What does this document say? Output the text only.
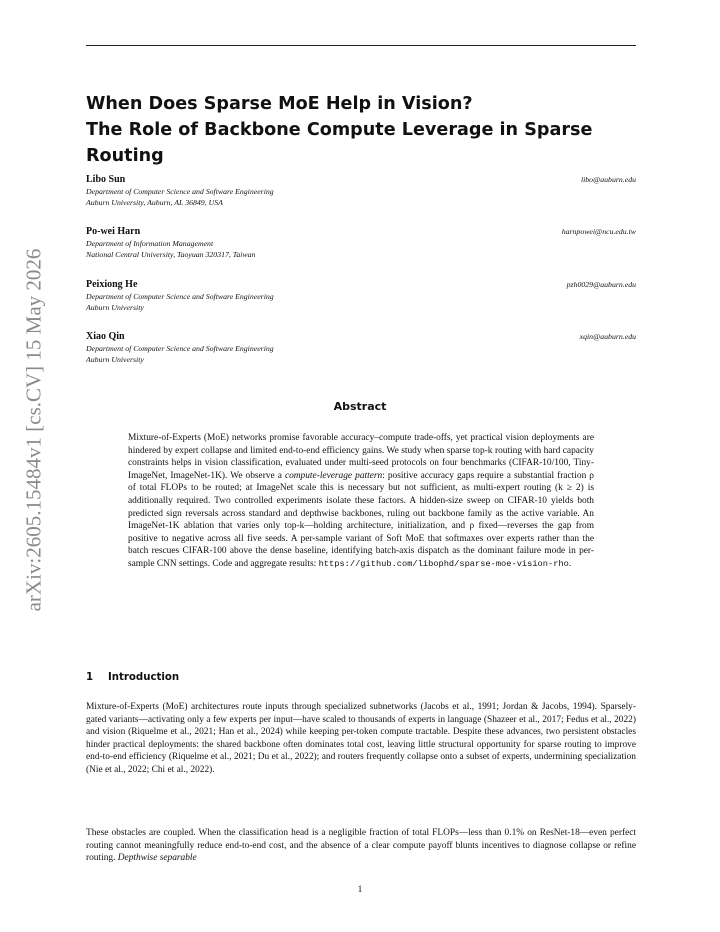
arXiv:2605.15484v1 [cs.CV] 15 May 2026
When Does Sparse MoE Help in Vision?
The Role of Backbone Compute Leverage in Sparse Routing
Libo Sun	libo@auburn.edu
Department of Computer Science and Software Engineering
Auburn University, Auburn, AL 36849, USA
Po-wei Harn	harnpowei@ncu.edu.tw
Department of Information Management
National Central University, Taoyuan 320317, Taiwan
Peixiong He	pzh0029@auburn.edu
Department of Computer Science and Software Engineering
Auburn University
Xiao Qin	xqin@auburn.edu
Department of Computer Science and Software Engineering
Auburn University
Abstract
Mixture-of-Experts (MoE) networks promise favorable accuracy–compute trade-offs, yet practical vision deployments are hindered by expert collapse and limited end-to-end efficiency gains. We study when sparse top-k routing with hard capacity constraints helps in vision classification, evaluated under multi-seed protocols on four benchmarks (CIFAR-10/100, Tiny-ImageNet, ImageNet-1K). We observe a compute-leverage pattern: positive accuracy gaps require a substantial fraction ρ of total FLOPs to be routed; at ImageNet scale this is necessary but not sufficient, as multi-expert routing (k ≥ 2) is additionally required. Two controlled experiments isolate these factors. A hidden-size sweep on CIFAR-10 yields both predicted sign reversals across standard and depthwise backbones, ruling out backbone family as the active variable. An ImageNet-1K ablation that varies only top-k—holding architecture, initialization, and ρ fixed—reverses the gap from positive to negative across all five seeds. A per-sample variant of Soft MoE that softmaxes over experts rather than the batch rescues CIFAR-100 above the dense baseline, identifying batch-axis dispatch as the dominant failure mode in per-sample CNN settings. Code and aggregate results: https://github.com/libophd/sparse-moe-vision-rho.
1 Introduction
Mixture-of-Experts (MoE) architectures route inputs through specialized subnetworks (Jacobs et al., 1991; Jordan & Jacobs, 1994). Sparsely-gated variants—activating only a few experts per input—have scaled to thousands of experts in language (Shazeer et al., 2017; Fedus et al., 2022) and vision (Riquelme et al., 2021; Han et al., 2024) while keeping per-token compute tractable. Despite these advances, two persistent obstacles hinder practical deployments: the shared backbone often dominates total cost, leaving little structural opportunity for sparse routing to improve end-to-end efficiency (Riquelme et al., 2021; Du et al., 2022); and routers frequently collapse onto a subset of experts, undermining specialization (Nie et al., 2022; Chi et al., 2022).
These obstacles are coupled. When the classification head is a negligible fraction of total FLOPs—less than 0.1% on ResNet-18—even perfect routing cannot meaningfully reduce end-to-end cost, and the absence of a clear compute payoff blunts incentives to diagnose collapse or refine routing. Depthwise separable
1
